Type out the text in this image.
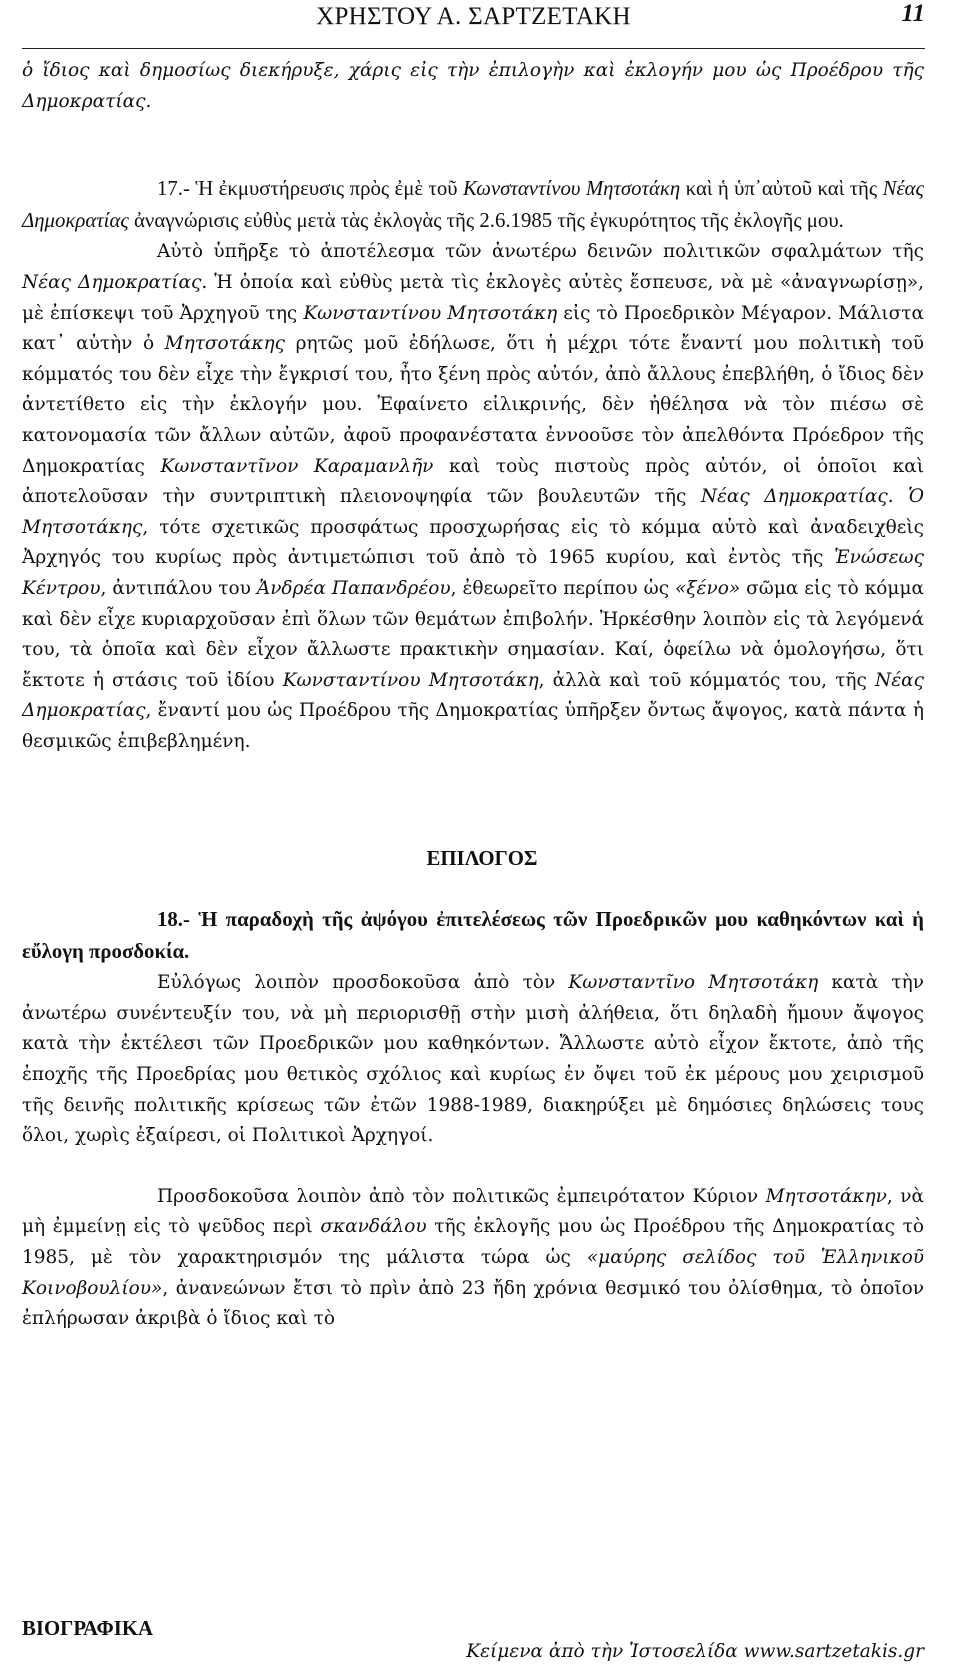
ΧΡΗΣΤΟΥ Α. ΣΑΡΤΖΕΤΑΚΗ	11

ὁ ἴδιος καὶ δημοσίως διεκήρυξε, χάρις εἰς τὴν ἐπιλογὴν καὶ ἐκλογήν μου ὡς Προέδρου τῆς Δημοκρατίας.

17.- Ἡ ἐκμυστήρευσις πρὸς ἐμὲ τοῦ Κωνσταντίνου Μητσοτάκη καὶ ἡ ὑπ᾽αὐτοῦ καὶ τῆς Νέας Δημοκρατίας ἀναγνώρισις εὐθὺς μετὰ τὰς ἐκλογὰς τῆς 2.6.1985 τῆς ἐγκυρότητος τῆς ἐκλογῆς μου.

Αὐτὸ ὑπῆρξε τὸ ἀποτέλεσμα τῶν ἀνωτέρω δεινῶν πολιτικῶν σφαλμάτων τῆς Νέας Δημοκρατίας. Ἡ ὁποία καὶ εὐθὺς μετὰ τὶς ἐκλογὲς αὐτὲς ἔσπευσε, νὰ μὲ «ἀναγνωρίσῃ», μὲ ἐπίσκεψι τοῦ Ἀρχηγοῦ της Κωνσταντίνου Μητσοτάκη εἰς τὸ Προεδρικὸν Μέγαρον. Μάλιστα κατ᾽ αὐτὴν ὁ Μητσοτάκης ρητῶς μοῦ ἐδήλωσε, ὅτι ἡ μέχρι τότε ἔναντί μου πολιτικὴ τοῦ κόμματός του δὲν εἶχε τὴν ἔγκρισί του, ἦτο ξένη πρὸς αὐτόν, ἀπὸ ἄλλους ἐπεβλήθη, ὁ ἴδιος δὲν ἀντετίθετο εἰς τὴν ἐκλογήν μου. Ἐφαίνετο εἰλικρινής, δὲν ἠθέλησα νὰ τὸν πιέσω σὲ κατονομασία τῶν ἄλλων αὐτῶν, ἀφοῦ προφανέστατα ἐννοοῦσε τὸν ἀπελθόντα Πρόεδρον τῆς Δημοκρατίας Κωνσταντῖνον Καραμανλῆν καὶ τοὺς πιστοὺς πρὸς αὐτόν, οἱ ὁποῖοι καὶ ἀποτελοῦσαν τὴν συντριπτικὴ πλειονοψηφία τῶν βουλευτῶν τῆς Νέας Δημοκρατίας. Ὁ Μητσοτάκης, τότε σχετικῶς προσφάτως προσχωρήσας εἰς τὸ κόμμα αὐτὸ καὶ ἀναδειχθεὶς Ἀρχηγός του κυρίως πρὸς ἀντιμετώπισι τοῦ ἀπὸ τὸ 1965 κυρίου, καὶ ἐντὸς τῆς Ἑνώσεως Κέντρου, ἀντιπάλου του Ἀνδρέα Παπανδρέου, ἐθεωρεῖτο περίπου ὡς «ξένο» σῶμα εἰς τὸ κόμμα καὶ δὲν εἶχε κυριαρχοῦσαν ἐπὶ ὅλων τῶν θεμάτων ἐπιβολήν. Ἠρκέσθην λοιπὸν εἰς τὰ λεγόμενά του, τὰ ὁποῖα καὶ δὲν εἶχον ἄλλωστε πρακτικὴν σημασίαν. Καί, ὀφείλω νὰ ὁμολογήσω, ὅτι ἔκτοτε ἡ στάσις τοῦ ἰδίου Κωνσταντίνου Μητσοτάκη, ἀλλὰ καὶ τοῦ κόμματός του, τῆς Νέας Δημοκρατίας, ἔναντί μου ὡς Προέδρου τῆς Δημοκρατίας ὑπῆρξεν ὄντως ἄψογος, κατὰ πάντα ἡ θεσμικῶς ἐπιβεβλημένη.

ΕΠΙΛΟΓΟΣ

18.- Ἡ παραδοχὴ τῆς ἀψόγου ἐπιτελέσεως τῶν Προεδρικῶν μου καθηκόντων καὶ ἡ εὔλογη προσδοκία.

Εὐλόγως λοιπὸν προσδοκοῦσα ἀπὸ τὸν Κωνσταντῖνο Μητσοτάκη κατὰ τὴν ἀνωτέρω συνέντευξίν του, νὰ μὴ περιορισθῇ στὴν μισὴ ἀλήθεια, ὅτι δηλαδὴ ἤμουν ἄψογος κατὰ τὴν ἐκτέλεσι τῶν Προεδρικῶν μου καθηκόντων. Ἄλλωστε αὐτὸ εἶχον ἔκτοτε, ἀπὸ τῆς ἐποχῆς τῆς Προεδρίας μου θετικὸς σχόλιος καὶ κυρίως ἐν ὄψει τοῦ ἐκ μέρους μου χειρισμοῦ τῆς δεινῆς πολιτικῆς κρίσεως τῶν ἐτῶν 1988-1989, διακηρύξει μὲ δημόσιες δηλώσεις τους ὅλοι, χωρὶς ἐξαίρεσι, οἱ Πολιτικοὶ Ἀρχηγοί.

Προσδοκοῦσα λοιπὸν ἀπὸ τὸν πολιτικῶς ἐμπειρότατον Κύριον Μητσοτάκην, νὰ μὴ ἐμμείνῃ εἰς τὸ ψεῦδος περὶ σκανδάλου τῆς ἐκλογῆς μου ὡς Προέδρου τῆς Δημοκρατίας τὸ 1985, μὲ τὸν χαρακτηρισμόν της μάλιστα τώρα ὡς «μαύρης σελίδος τοῦ Ἑλληνικοῦ Κοινοβουλίου», ἀνανεώνων ἔτσι τὸ πρὶν ἀπὸ 23 ἤδη χρόνια θεσμικό του ὀλίσθημα, τὸ ὁποῖον ἐπλήρωσαν ἀκριβὰ ὁ ἴδιος καὶ τὸ

ΒΙΟΓΡΑΦΙΚΑ
Κείμενα ἀπὸ τὴν Ἰστοσελίδα www.sartzetakis.gr
